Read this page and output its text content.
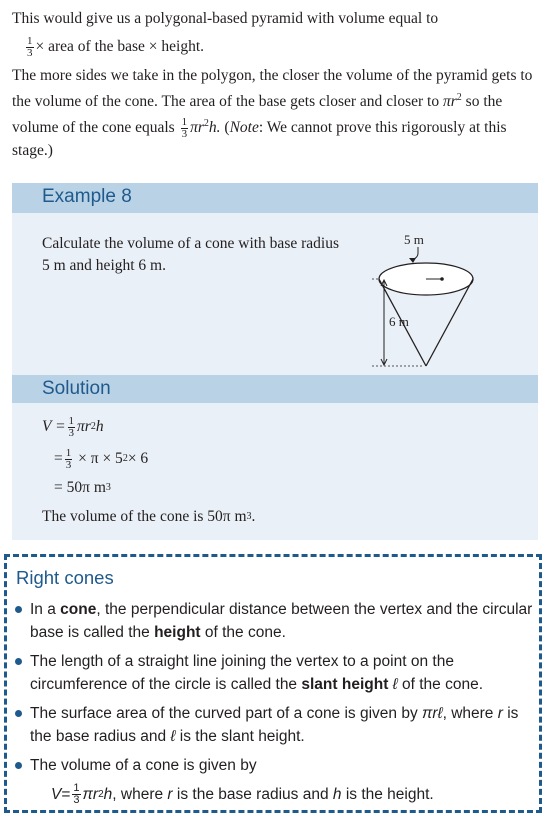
This would give us a polygonal-based pyramid with volume equal to

$\frac{1}{3}$ × area of the base × height.

The more sides we take in the polygon, the closer the volume of the pyramid gets to the volume of the cone. The area of the base gets closer and closer to $\pi r^2$ so the volume of the cone equals $\frac{1}{3} \pi r^2h$. (Note: We cannot prove this rigorously at this stage.)

Example 8
Calculate the volume of a cone with base radius 5 m and height 6 m.
5 m
6 m
Solution
$V = \frac{1}{3}$ πr 2 h
= $\frac{1}{3}$
× π × 5 2 × 6
= 50π m 3
The volume of the cone is 50π m 3 .
Right cones
In a cone, the perpendicular distance between the vertex and the circular base is called the height of the cone.
The length of a straight line joining the vertex to a point on the circumference of the circle is called the slant height ℓ of the cone.
The surface area of the curved part of a cone is given by πrℓ, where r is the base radius and ℓ is the slant height.
The volume of a cone is given by
$V = \frac{1}{3}$ πr 2 h , where
r
is the base radius and
h
is the height.
